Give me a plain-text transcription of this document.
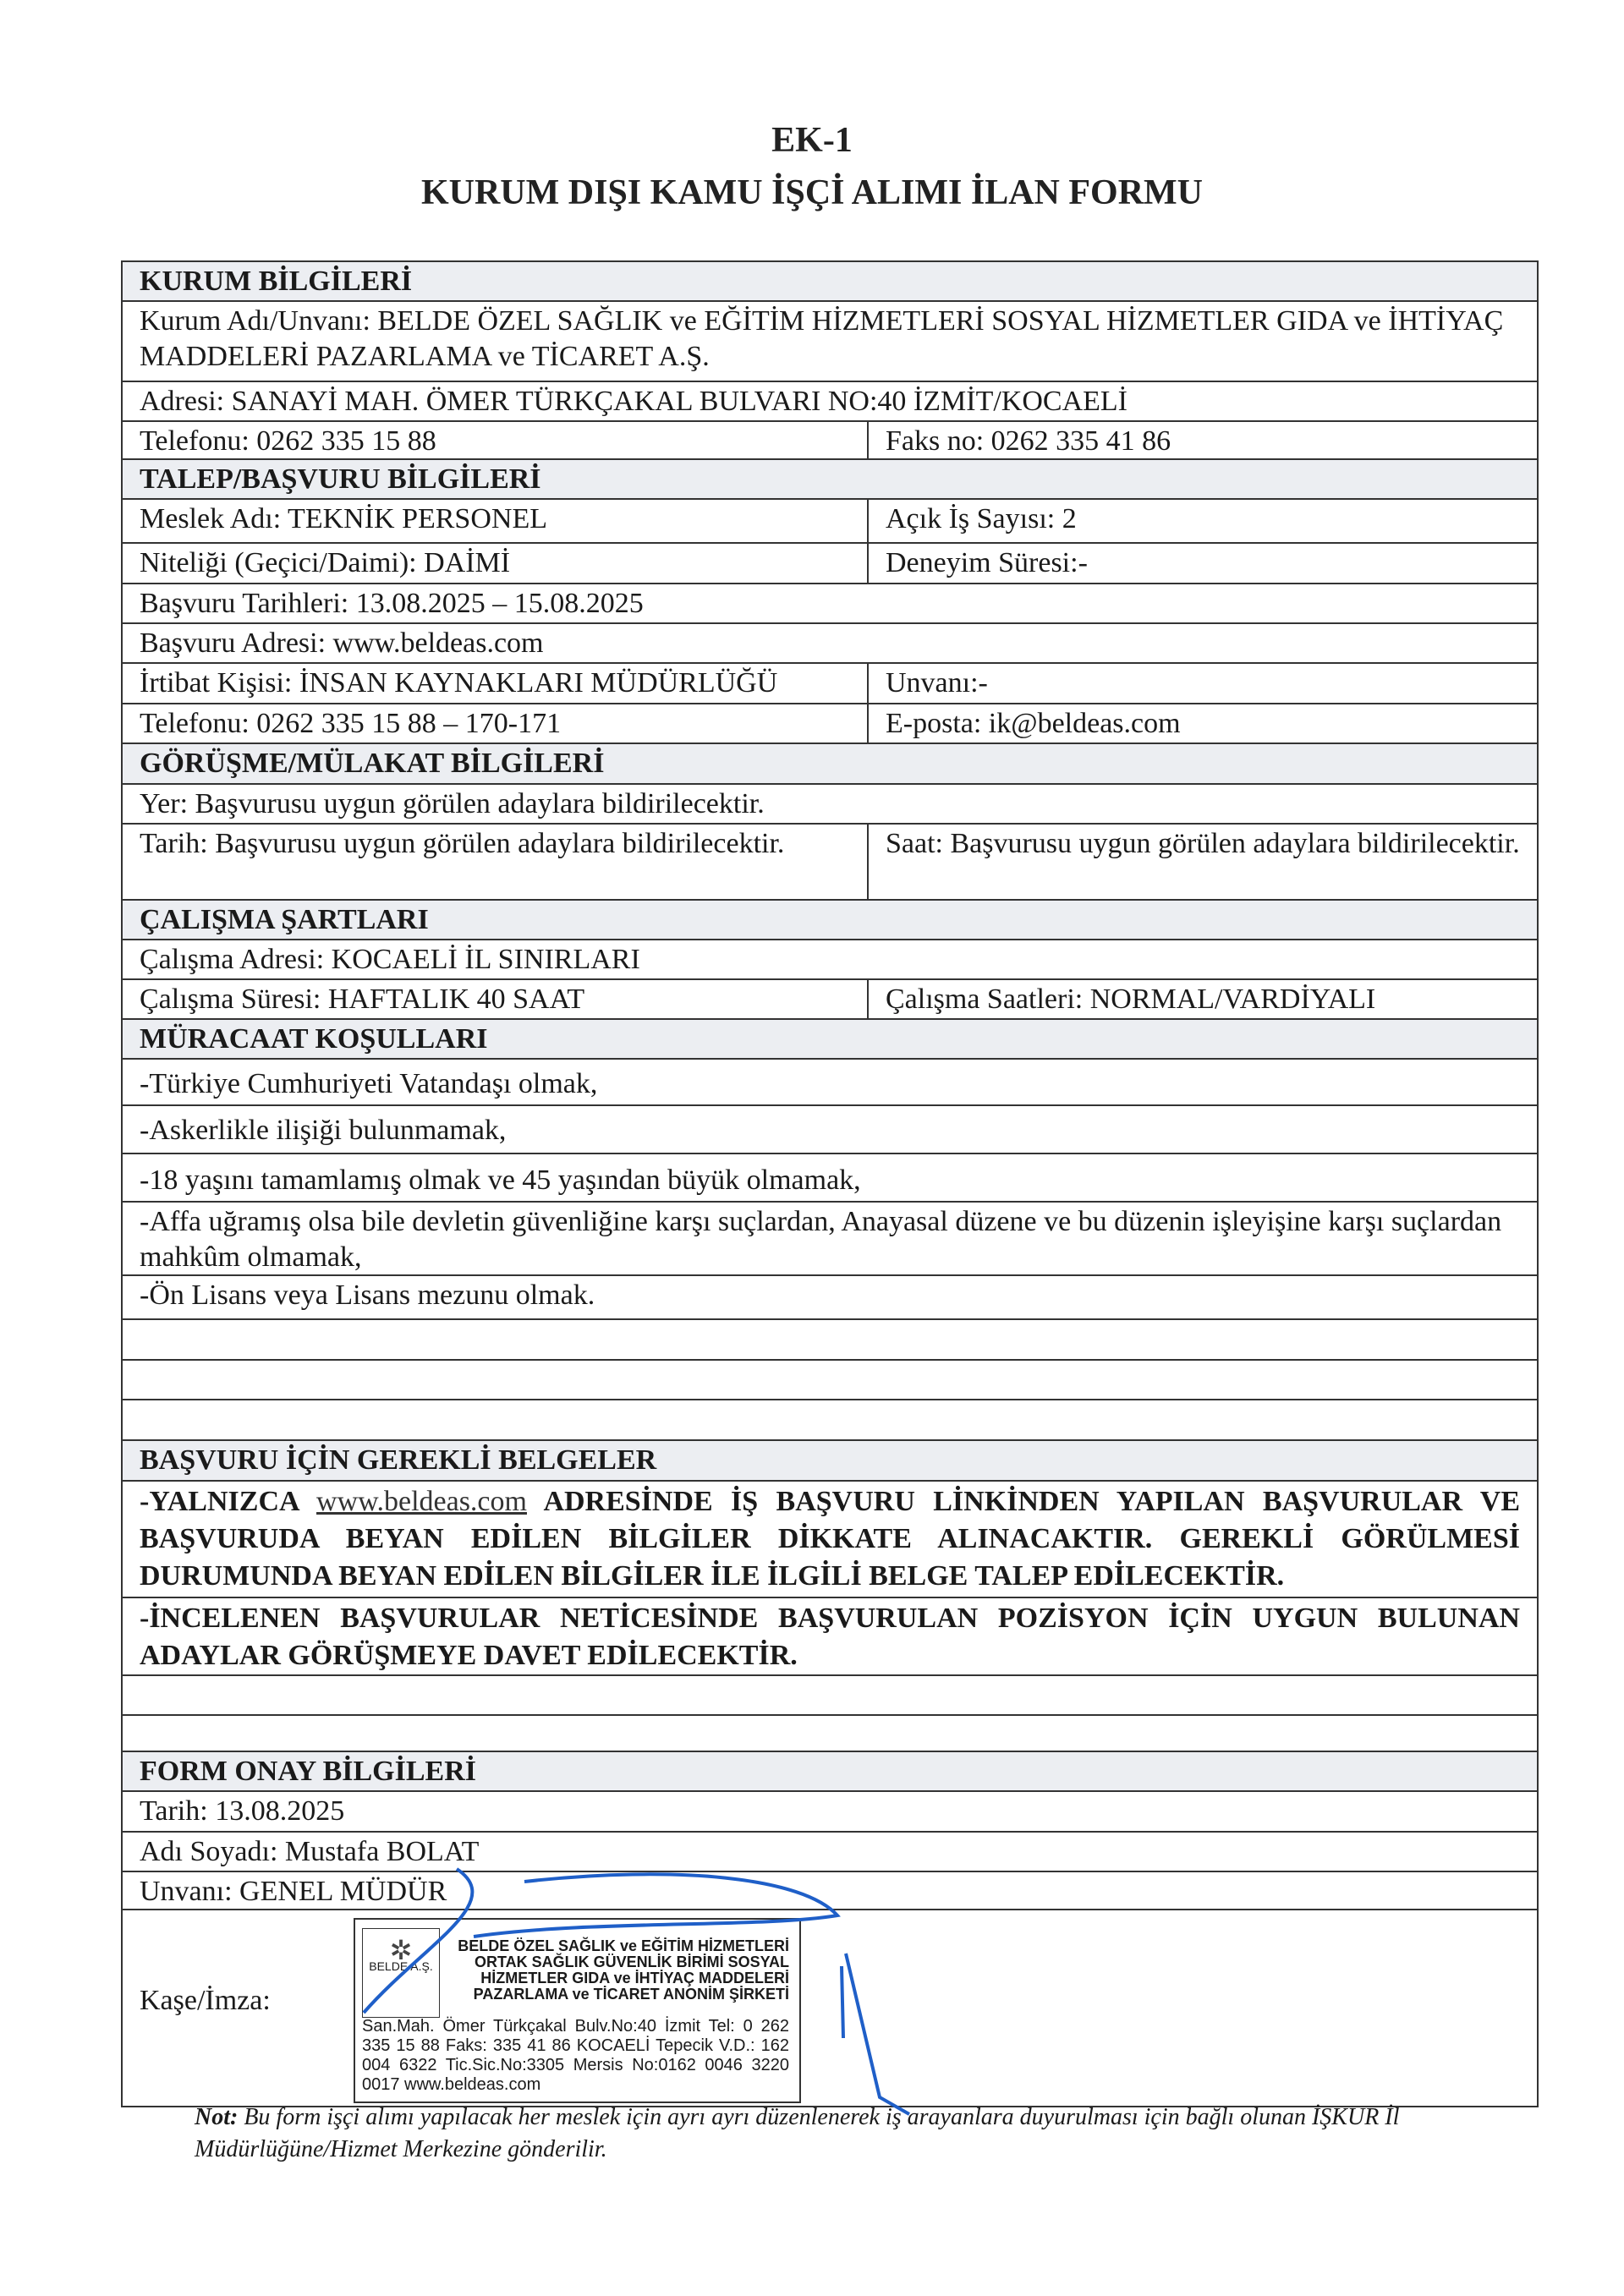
EK-1
KURUM DIŞI KAMU İŞÇİ ALIMI İLAN FORMU
KURUM BİLGİLERİ
Kurum Adı/Unvanı: BELDE ÖZEL SAĞLIK ve EĞİTİM HİZMETLERİ SOSYAL HİZMETLER GIDA ve İHTİYAÇ MADDELERİ PAZARLAMA ve TİCARET A.Ş.
Adresi: SANAYİ MAH. ÖMER TÜRKÇAKAL BULVARI NO:40 İZMİT/KOCAELİ
Telefonu: 0262 335 15 88	Faks no: 0262 335 41 86
TALEP/BAŞVURU BİLGİLERİ
Meslek Adı: TEKNİK PERSONEL	Açık İş Sayısı: 2
Niteliği (Geçici/Daimi): DAİMİ	Deneyim Süresi:-
Başvuru Tarihleri: 13.08.2025 – 15.08.2025
Başvuru Adresi: www.beldeas.com
İrtibat Kişisi: İNSAN KAYNAKLARI MÜDÜRLÜĞÜ	Unvanı:-
Telefonu: 0262 335 15 88 – 170-171	E-posta: ik@beldeas.com
GÖRÜŞME/MÜLAKAT BİLGİLERİ
Yer: Başvurusu uygun görülen adaylara bildirilecektir.
Tarih: Başvurusu uygun görülen adaylara bildirilecektir.	Saat: Başvurusu uygun görülen adaylara bildirilecektir.
ÇALIŞMA ŞARTLARI
Çalışma Adresi: KOCAELİ İL SINIRLARI
Çalışma Süresi: HAFTALIK 40 SAAT	Çalışma Saatleri: NORMAL/VARDİYALI
MÜRACAAT KOŞULLARI
-Türkiye Cumhuriyeti Vatandaşı olmak,
-Askerlikle ilişiği bulunmamak,
-18 yaşını tamamlamış olmak ve 45 yaşından büyük olmamak,
-Affa uğramış olsa bile devletin güvenliğine karşı suçlardan, Anayasal düzene ve bu düzenin işleyişine karşı suçlardan mahkûm olmamak,
-Ön Lisans veya Lisans mezunu olmak.
BAŞVURU İÇİN GEREKLİ BELGELER
-YALNIZCA www.beldeas.com ADRESİNDE İŞ BAŞVURU LİNKİNDEN YAPILAN BAŞVURULAR VE BAŞVURUDA BEYAN EDİLEN BİLGİLER DİKKATE ALINACAKTIR. GEREKLİ GÖRÜLMESİ DURUMUNDA BEYAN EDİLEN BİLGİLER İLE İLGİLİ BELGE TALEP EDİLECEKTİR.
-İNCELENEN BAŞVURULAR NETİCESİNDE BAŞVURULAN POZİSYON İÇİN UYGUN BULUNAN ADAYLAR GÖRÜŞMEYE DAVET EDİLECEKTİR.
FORM ONAY BİLGİLERİ
Tarih: 13.08.2025
Adı Soyadı: Mustafa BOLAT
Unvanı: GENEL MÜDÜR
Kaşe/İmza:
✲
BELDE A.Ş.
BELDE ÖZEL SAĞLIK ve EĞİTİM HİZMETLERİ ORTAK SAĞLIK GÜVENLİK BİRİMİ SOSYAL HİZMETLER GIDA ve İHTİYAÇ MADDELERİ PAZARLAMA ve TİCARET ANONİM ŞİRKETİ
San.Mah. Ömer Türkçakal Bulv.No:40 İzmit Tel: 0 262 335 15 88 Faks: 335 41 86 KOCAELİ Tepecik V.D.: 162 004 6322 Tic.Sic.No:3305 Mersis No:0162 0046 3220 0017 www.beldeas.com
Not: Bu form işçi alımı yapılacak her meslek için ayrı ayrı düzenlenerek iş arayanlara duyurulması için bağlı olunan İŞKUR İl Müdürlüğüne/Hizmet Merkezine gönderilir.
